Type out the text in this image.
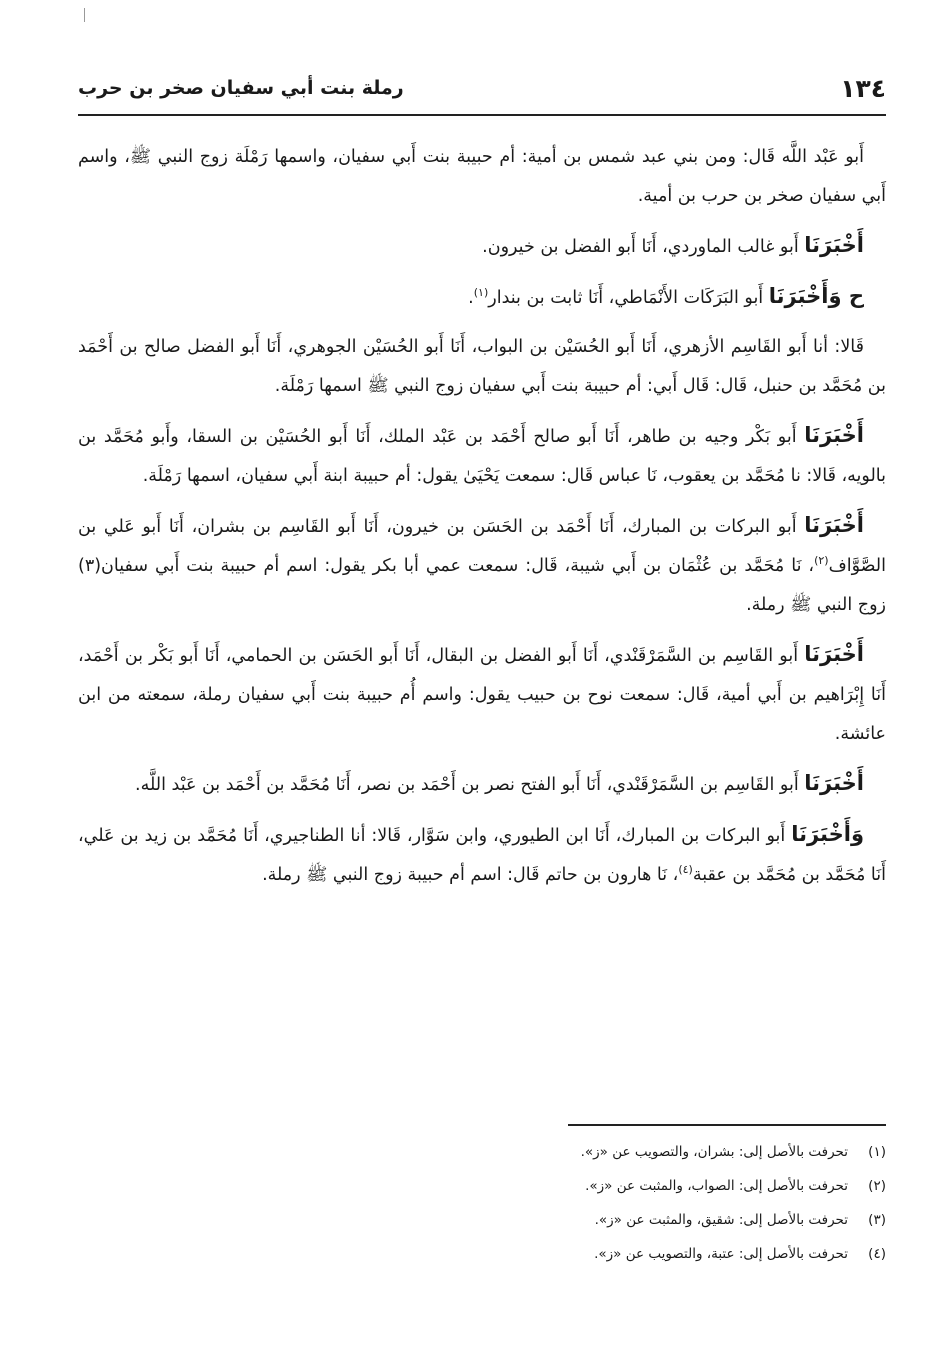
١٣٤
رملة بنت أبي سفيان صخر بن حرب

أَبو عَبْد اللَّه قَال: ومن بني عبد شمس بن أمية: أم حبيبة بنت أَبي سفيان، واسمها رَمْلَة زوج النبي ﷺ، واسم أَبي سفيان صخر بن حرب بن أمية.

أَخْبَرَنَا أَبو غالب الماوردي، أَنَا أَبو الفضل بن خيرون.

ح وَأَخْبَرَنَا أَبو البَرَكَات الأَنْمَاطي، أَنَا ثابت بن بندار$^{(١)}$.

قَالا: أنا أَبو القَاسِم الأزهري، أَنَا أَبو الحُسَيْن بن البواب، أَنَا أَبو الحُسَيْن الجوهري، أَنَا أَبو الفضل صالح بن أَحْمَد بن مُحَمَّد بن حنبل، قَال: قَال أَبي: أم حبيبة بنت أَبي سفيان زوج النبي ﷺ اسمها رَمْلَة.

أَخْبَرَنَا أَبو بَكْر وجيه بن طاهر، أَنَا أَبو صالح أَحْمَد بن عَبْد الملك، أَنَا أَبو الحُسَيْن بن السقا، وأَبو مُحَمَّد بن بالويه، قَالا: نا مُحَمَّد بن يعقوب، نَا عباس قَال: سمعت يَحْيَىٰ يقول: أم حبيبة ابنة أَبي سفيان، اسمها رَمْلَة.

أَخْبَرَنَا أَبو البركات بن المبارك، أَنَا أَحْمَد بن الحَسَن بن خيرون، أَنَا أَبو القَاسِم بن بشران، أَنَا أَبو عَلي بن الصَّوَّاف$^{(٢)}$، نَا مُحَمَّد بن عُثْمَان بن أَبي شيبة، قَال: سمعت عمي أبا بكر يقول: اسم أم حبيبة بنت أَبي سفيان(٣) زوج النبي ﷺ رملة.

أَخْبَرَنَا أَبو القَاسِم بن السَّمَرْقَنْدي، أَنَا أَبو الفضل بن البقال، أَنَا أَبو الحَسَن بن الحمامي، أَنَا أَبو بَكْر بن أَحْمَد، أَنَا إِبْرَاهيم بن أَبي أمية، قَال: سمعت نوح بن حبيب يقول: واسم أُم حبيبة بنت أَبي سفيان رملة، سمعته من ابن عائشة.

أَخْبَرَنَا أَبو القَاسِم بن السَّمَرْقَنْدي، أَنَا أَبو الفتح نصر بن أَحْمَد بن نصر، أَنَا مُحَمَّد بن أَحْمَد بن عَبْد اللَّه.

وَأَخْبَرَنَا أَبو البركات بن المبارك، أَنَا ابن الطيوري، وابن سَوَّار، قَالا: أنا الطناجيري، أَنَا مُحَمَّد بن زيد بن عَلي، أَنَا مُحَمَّد بن مُحَمَّد بن عقبة$^{(٤)}$، نَا هارون بن حاتم قَال: اسم أم حبيبة زوج النبي ﷺ رملة.

(١)
تحرفت بالأصل إلى: بشران، والتصويب عن «ز».
(٢)
تحرفت بالأصل إلى: الصواب، والمثبت عن «ز».
(٣)
تحرفت بالأصل إلى: شقيق، والمثبت عن «ز».
(٤)
تحرفت بالأصل إلى: عتبة، والتصويب عن «ز».
